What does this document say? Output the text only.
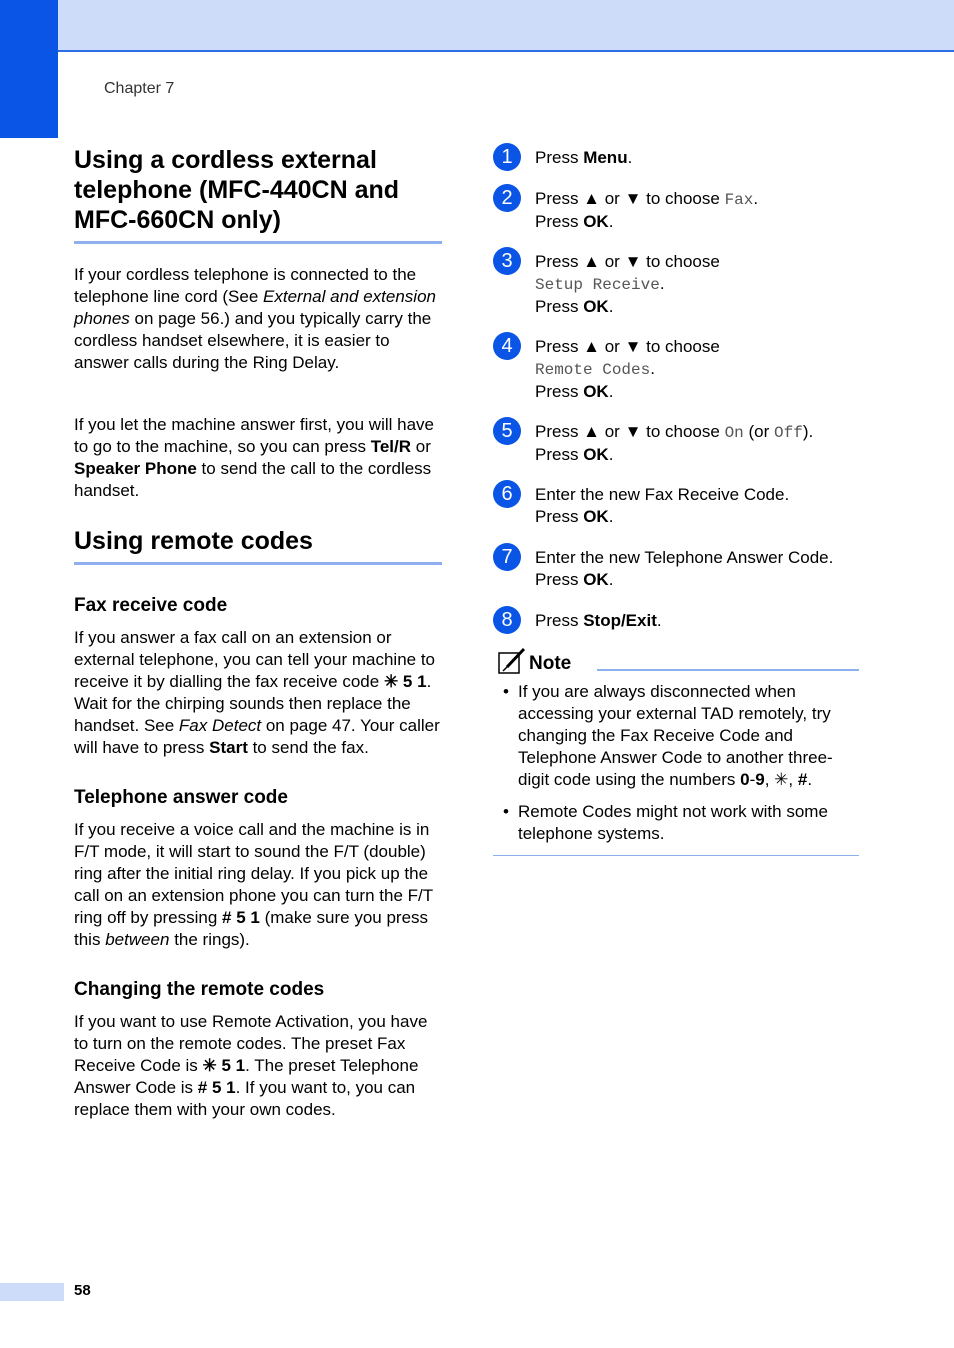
Chapter 7
Using a cordless external telephone (MFC-440CN and MFC-660CN only)

If your cordless telephone is connected to the telephone line cord (See External and extension phones on page 56.) and you typically carry the cordless handset elsewhere, it is easier to answer calls during the Ring Delay.

If you let the machine answer first, you will have to go to the machine, so you can press Tel/R or Speaker Phone to send the call to the cordless handset.

Using remote codes
Fax receive code

If you answer a fax call on an extension or external telephone, you can tell your machine to receive it by dialling the fax receive code ✳ 5 1. Wait for the chirping sounds then replace the handset. See Fax Detect on page 47. Your caller will have to press Start to send the fax.

Telephone answer code

If you receive a voice call and the machine is in F/T mode, it will start to sound the F/T (double) ring after the initial ring delay. If you pick up the call on an extension phone you can turn the F/T ring off by pressing # 5 1 (make sure you press this between the rings).

Changing the remote codes

If you want to use Remote Activation, you have to turn on the remote codes. The preset Fax Receive Code is ✳ 5 1. The preset Telephone Answer Code is # 5 1. If you want to, you can replace them with your own codes.

1	Press Menu.
2	Press ▲ or ▼ to choose Fax.
Press OK.
3	Press ▲ or ▼ to choose
Setup Receive.
Press OK.
4	Press ▲ or ▼ to choose
Remote Codes.
Press OK.
5	Press ▲ or ▼ to choose On (or Off).
Press OK.
6	Enter the new Fax Receive Code.
Press OK.
7	Enter the new Telephone Answer Code.
Press OK.
8	Press Stop/Exit.
Note
• If you are always disconnected when accessing your external TAD remotely, try changing the Fax Receive Code and Telephone Answer Code to another three-digit code using the numbers 0-9, ✳, #.
• Remote Codes might not work with some telephone systems.
58
